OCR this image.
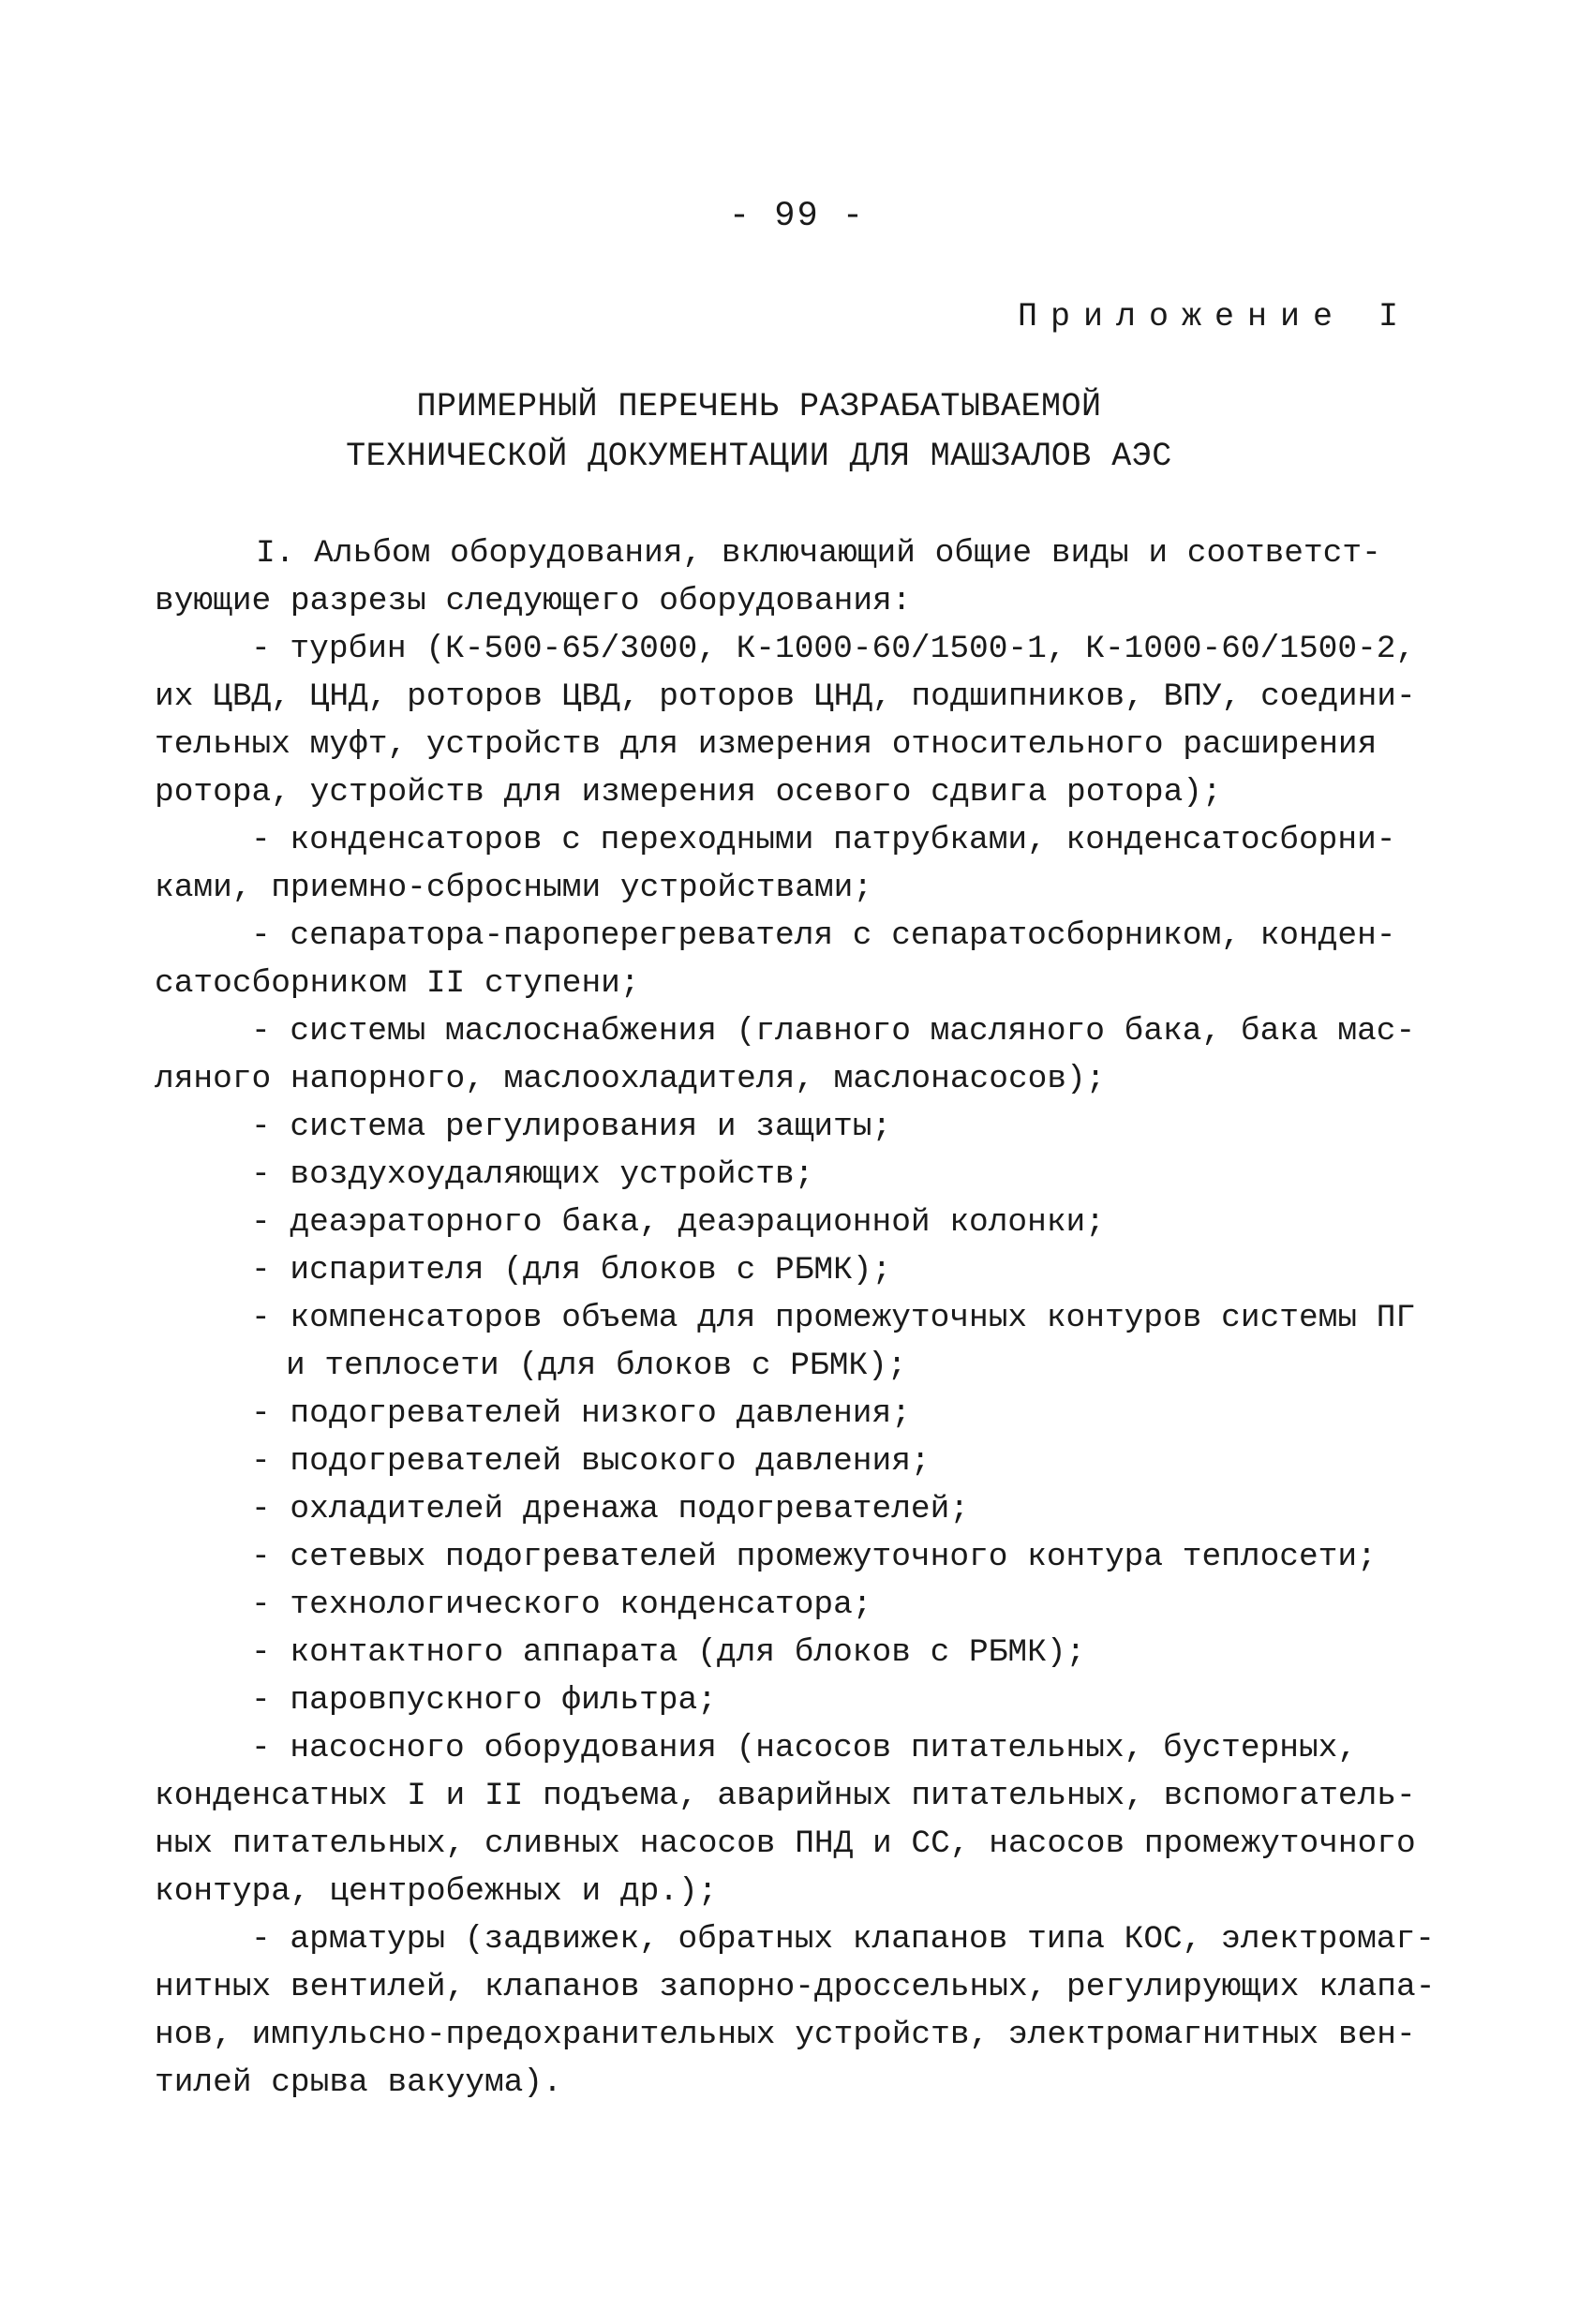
- 99 -
Приложение I
ПРИМЕРНЫЙ ПЕРЕЧЕНЬ РАЗРАБАТЫВАЕМОЙ
ТЕХНИЧЕСКОЙ ДОКУМЕНТАЦИИ ДЛЯ МАШЗАЛОВ АЭС
I. Альбом оборудования, включающий общие виды и соответст-
вующие разрезы следующего оборудования:
- турбин (К-500-65/3000, К-1000-60/1500-1, К-1000-60/1500-2,
их ЦВД, ЦНД, роторов ЦВД, роторов ЦНД, подшипников, ВПУ, соедини-
тельных муфт, устройств для измерения относительного расширения
ротора, устройств для измерения осевого сдвига ротора);
- конденсаторов с переходными патрубками, конденсатосборни-
ками, приемно-сбросными устройствами;
- сепаратора-пароперегревателя с сепаратосборником, конден-
сатосборником II ступени;
- системы маслоснабжения (главного масляного бака, бака мас-
ляного напорного, маслоохладителя, маслонасосов);
- система регулирования и защиты;
- воздухоудаляющих устройств;
- деаэраторного бака, деаэрационной колонки;
- испарителя (для блоков с РБМК);
- компенсаторов объема для промежуточных контуров системы ПГ
и теплосети (для блоков с РБМК);
- подогревателей низкого давления;
- подогревателей высокого давления;
- охладителей дренажа подогревателей;
- сетевых подогревателей промежуточного контура теплосети;
- технологического конденсатора;
- контактного аппарата (для блоков с РБМК);
- паровпускного фильтра;
- насосного оборудования (насосов питательных, бустерных,
конденсатных I и II подъема, аварийных питательных, вспомогатель-
ных питательных, сливных насосов ПНД и СС, насосов промежуточного
контура, центробежных и др.);
- арматуры (задвижек, обратных клапанов типа КОС, электромаг-
нитных вентилей, клапанов запорно-дроссельных, регулирующих клапа-
нов, импульсно-предохранительных устройств, электромагнитных вен-
тилей срыва вакуума).
